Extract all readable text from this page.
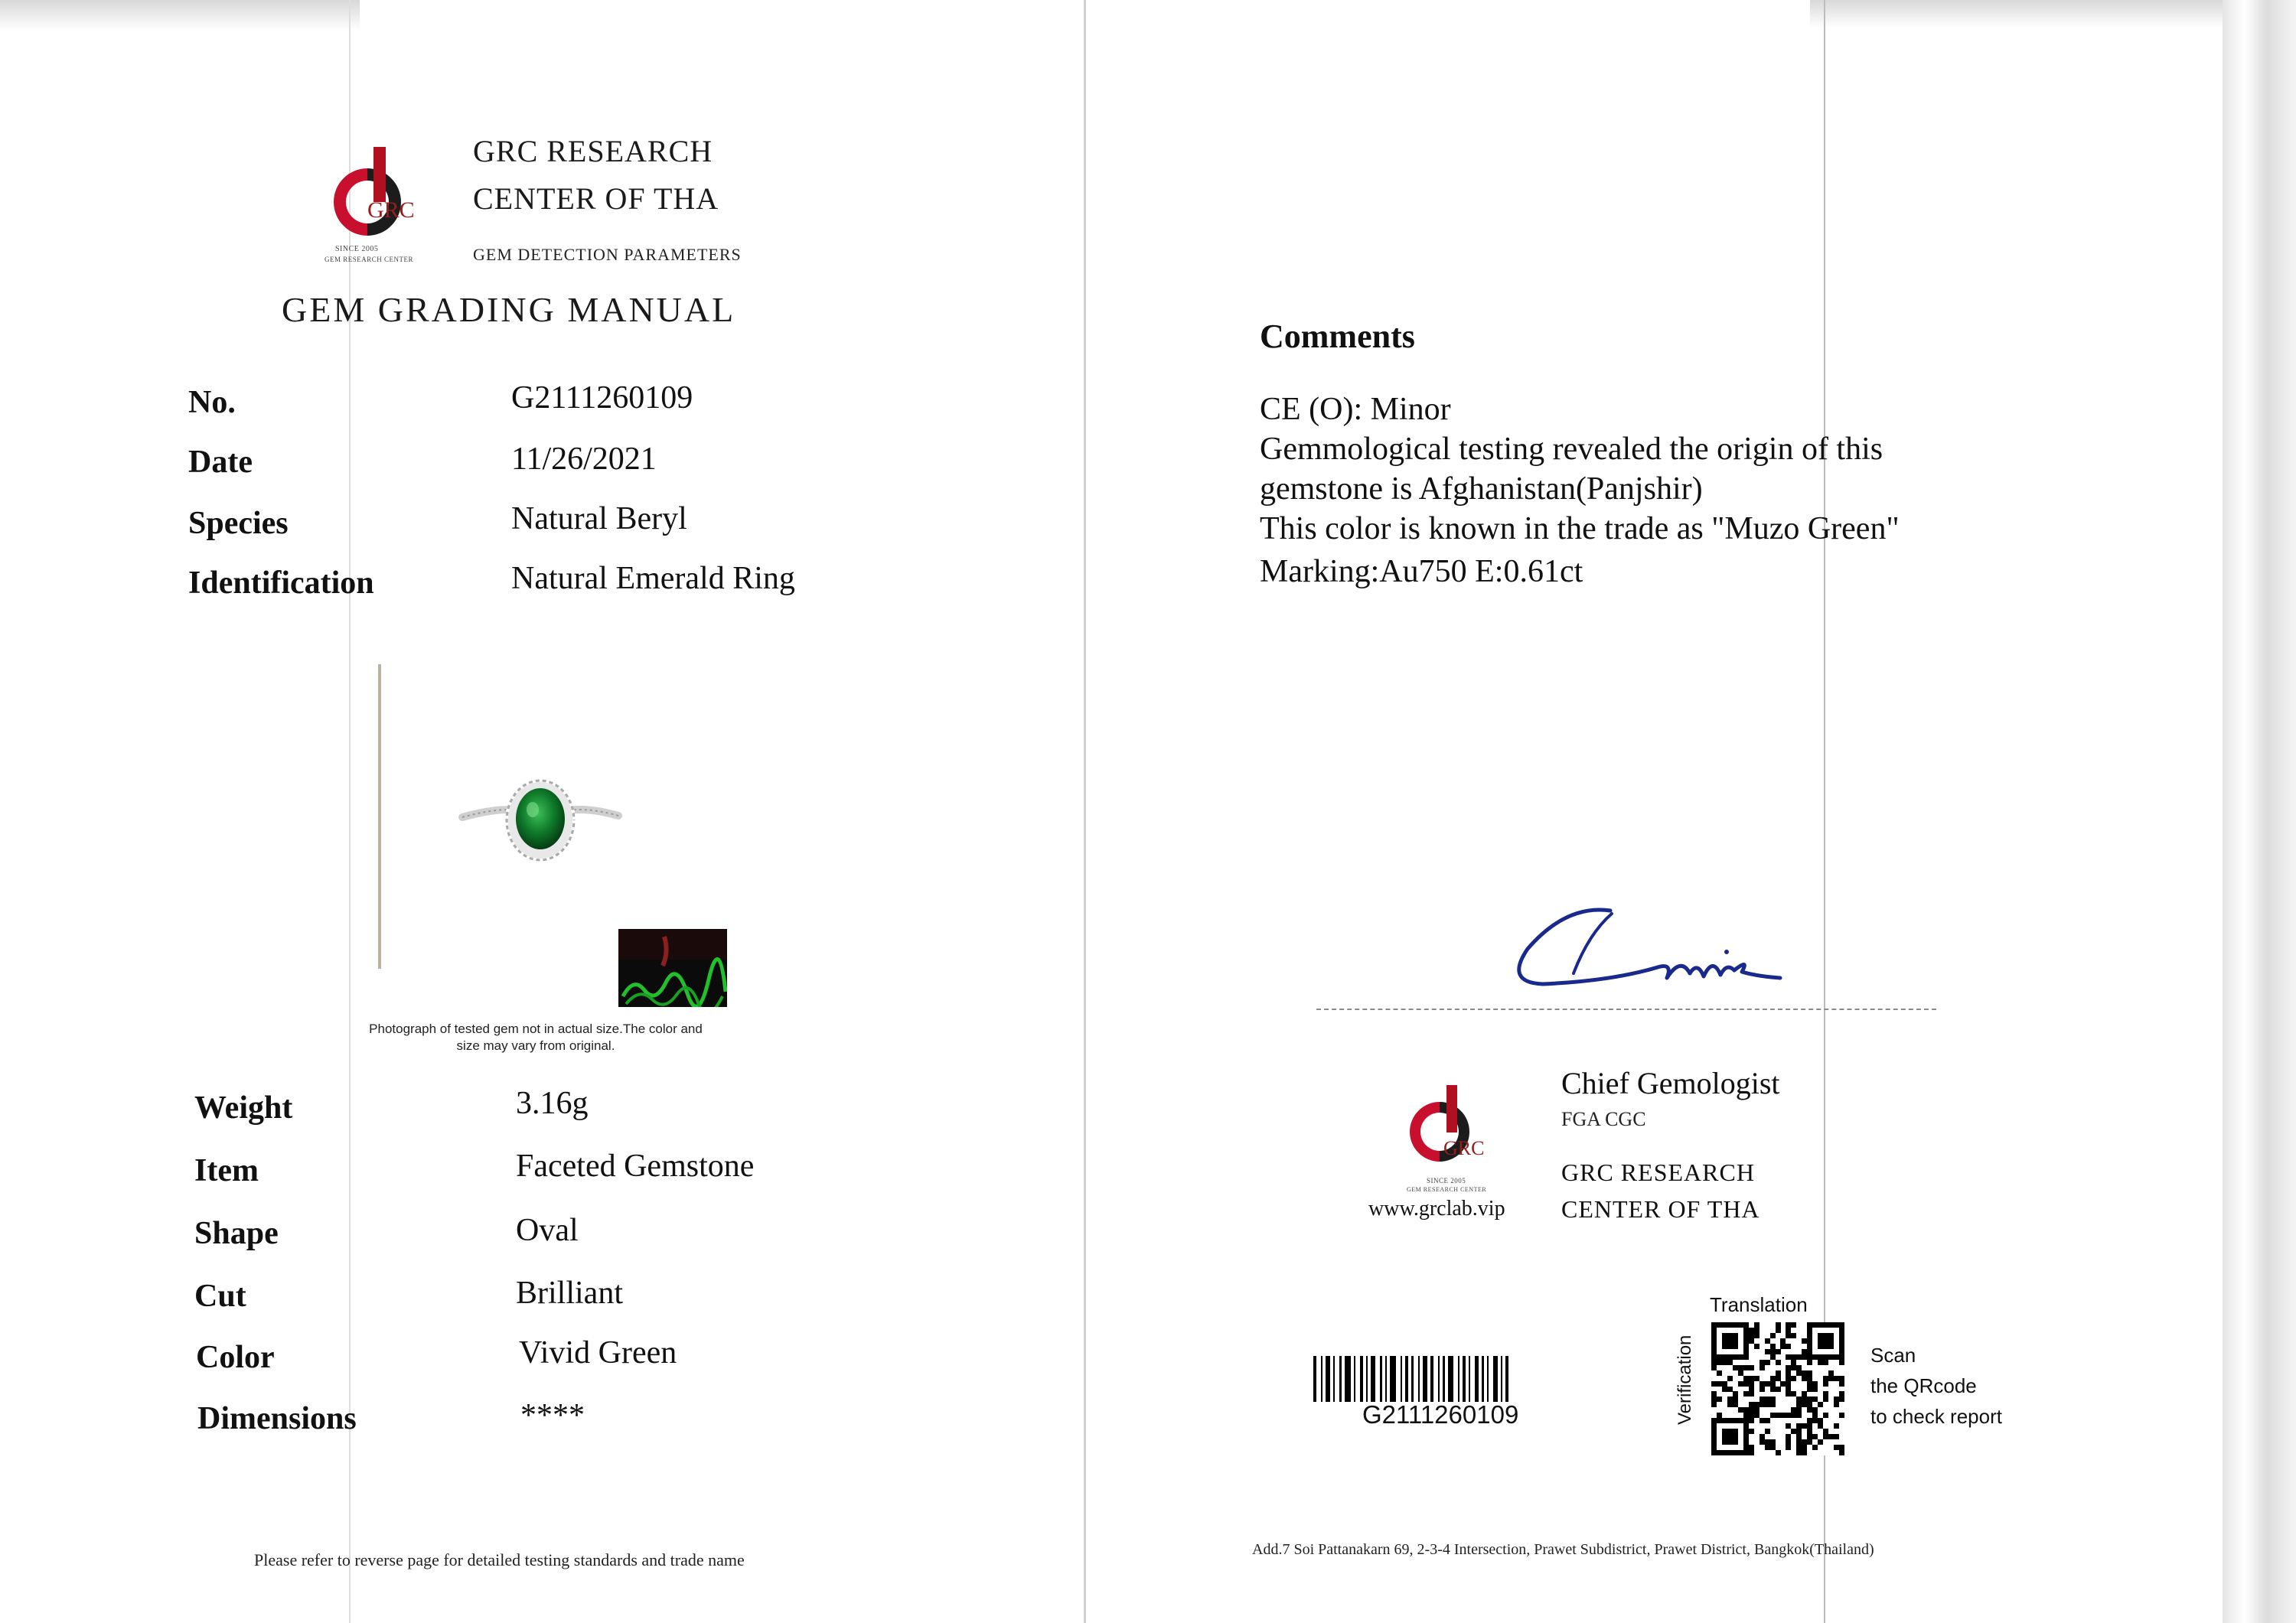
GRC
SINCE 2005
GEM RESEARCH CENTER
GRC RESEARCH
CENTER OF THA
GEM DETECTION PARAMETERS
GEM GRADING MANUAL
No.	G2111260109
Date	11/26/2021
Species	Natural Beryl
Identification	Natural Emerald Ring
Photograph of tested gem not in actual size.The color and
size may vary from original.
Weight	3.16g
Item	Faceted Gemstone
Shape	Oval
Cut	Brilliant
Color	Vivid Green
Dimensions	****
Please refer to reverse page for detailed testing standards and trade name
Comments
CE (O): Minor
Gemmological testing revealed the origin of this
gemstone is Afghanistan(Panjshir)
This color is known in the trade as "Muzo Green"
Marking:Au750 E:0.61ct
GRC
SINCE 2005
GEM RESEARCH CENTER
www.grclab.vip
Chief Gemologist
FGA CGC
GRC RESEARCH
CENTER OF THA
G2111260109
Translation
Verification	Scan
the QRcode
to check report
Add.7 Soi Pattanakarn 69, 2-3-4 Intersection, Prawet Subdistrict, Prawet District, Bangkok(Thailand)
